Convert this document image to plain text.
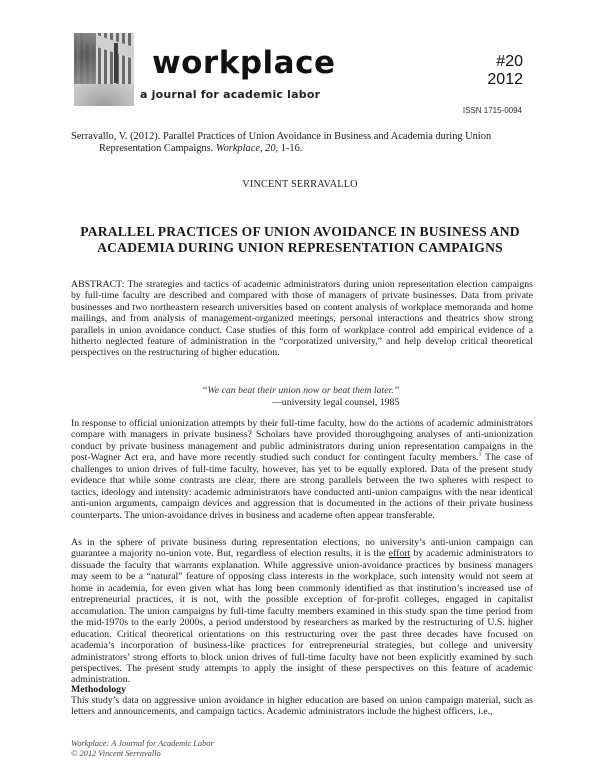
workplace
a journal for academic labor
#20
2012
ISSN 1715-0094
Serravallo, V. (2012). Parallel Practices of Union Avoidance in Business and Academia during Union
Representation Campaigns. Workplace, 20, 1-16.
VINCENT SERRAVALLO
PARALLEL PRACTICES OF UNION AVOIDANCE IN BUSINESS AND
ACADEMIA DURING UNION REPRESENTATION CAMPAIGNS
ABSTRACT: The strategies and tactics of academic administrators during union representation election campaigns by full-time faculty are described and compared with those of managers of private businesses. Data from private businesses and two northeastern research universities based on content analysis of workplace memoranda and home mailings, and from analysis of management-organized meetings, personal interactions and theatrics show strong parallels in union avoidance conduct. Case studies of this form of workplace control add empirical evidence of a hitherto neglected feature of administration in the “corporatized university,” and help develop critical theoretical perspectives on the restructuring of higher education.
“We can beat their union now or beat them later.”
—university legal counsel, 1985
In response to official unionization attempts by their full-time faculty, how do the actions of academic administrators compare with managers in private business? Scholars have provided thoroughgoing analyses of anti-unionization conduct by private business management and public administrators during union representation campaigns in the post-Wagner Act era, and have more recently studied such conduct for contingent faculty members.$^1$ The case of challenges to union drives of full-time faculty, however, has yet to be equally explored. Data of the present study evidence that while some contrasts are clear, there are strong parallels between the two spheres with respect to tactics, ideology and intensity: academic administrators have conducted anti-union campaigns with the near identical anti-union arguments, campaign devices and aggression that is documented in the actions of their private business counterparts. The union-avoidance drives in business and academe often appear transferable.
As in the sphere of private business during representation elections, no university’s anti-union campaign can guarantee a majority no-union vote. But, regardless of election results, it is the effort by academic administrators to dissuade the faculty that warrants explanation. While aggressive union-avoidance practices by business managers may seem to be a “natural” feature of opposing class interests in the workplace, such intensity would not seem at home in academia, for even given what has long been commonly identified as that institution’s increased use of entrepreneurial practices, it is not, with the possible exception of for-profit colleges, engaged in capitalist accumulation. The union campaigns by full-time faculty members examined in this study span the time period from the mid-1970s to the early 2000s, a period understood by researchers as marked by the restructuring of U.S. higher education. Critical theoretical orientations on this restructuring over the past three decades have focused on academia’s incorporation of business-like practices for entrepreneurial strategies, but college and university administrators’ strong efforts to block union drives of full-time faculty have not been explicitly examined by such perspectives. The present study attempts to apply the insight of these perspectives on this feature of academic administration.
Methodology
This study’s data on aggressive union avoidance in higher education are based on union campaign material, such as letters and announcements, and campaign tactics. Academic administrators include the highest officers, i.e.,
Workplace: A Journal for Academic Labor
© 2012 Vincent Serravallo
